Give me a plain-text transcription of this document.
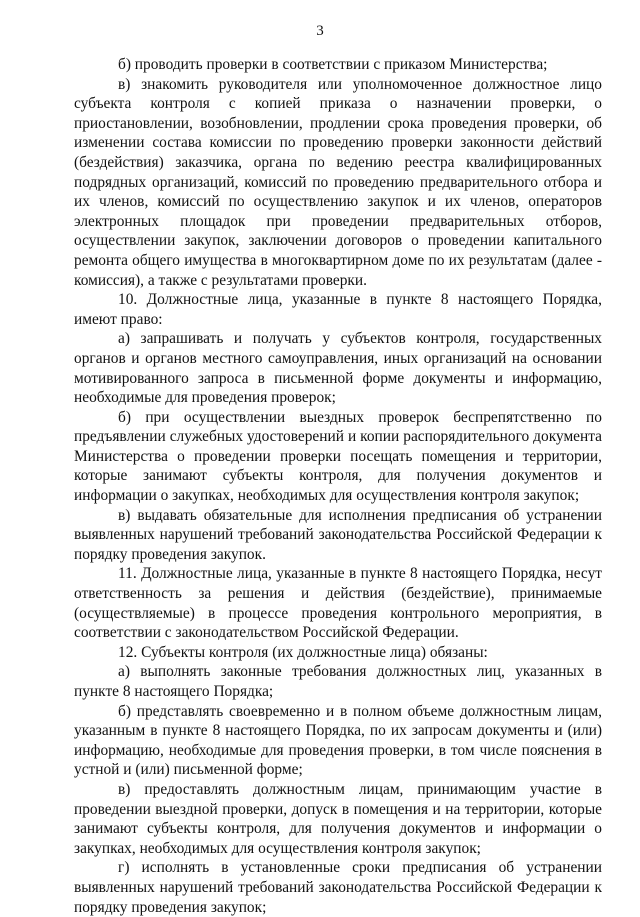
3

б) проводить проверки в соответствии с приказом Министерства;

в) знакомить руководителя или уполномоченное должностное лицо субъекта контроля с копией приказа о назначении проверки, о приостановлении, возобновлении, продлении срока проведения проверки, об изменении состава комиссии по проведению проверки законности действий (бездействия) заказчика, органа по ведению реестра квалифицированных подрядных организаций, комиссий по проведению предварительного отбора и их членов, комиссий по осуществлению закупок и их членов, операторов электронных площадок при проведении предварительных отборов, осуществлении закупок, заключении договоров о проведении капитального ремонта общего имущества в многоквартирном доме по их результатам (далее - комиссия), а также с результатами проверки.

10. Должностные лица, указанные в пункте 8 настоящего Порядка, имеют право:

а) запрашивать и получать у субъектов контроля, государственных органов и органов местного самоуправления, иных организаций на основании мотивированного запроса в письменной форме документы и информацию, необходимые для проведения проверок;

б) при осуществлении выездных проверок беспрепятственно по предъявлении служебных удостоверений и копии распорядительного документа Министерства о проведении проверки посещать помещения и территории, которые занимают субъекты контроля, для получения документов и информации о закупках, необходимых для осуществления контроля закупок;

в) выдавать обязательные для исполнения предписания об устранении выявленных нарушений требований законодательства Российской Федерации к порядку проведения закупок.

11. Должностные лица, указанные в пункте 8 настоящего Порядка, несут ответственность за решения и действия (бездействие), принимаемые (осуществляемые) в процессе проведения контрольного мероприятия, в соответствии с законодательством Российской Федерации.

12. Субъекты контроля (их должностные лица) обязаны:

а) выполнять законные требования должностных лиц, указанных в пункте 8 настоящего Порядка;

б) представлять своевременно и в полном объеме должностным лицам, указанным в пункте 8 настоящего Порядка, по их запросам документы и (или) информацию, необходимые для проведения проверки, в том числе пояснения в устной и (или) письменной форме;

в) предоставлять должностным лицам, принимающим участие в проведении выездной проверки, допуск в помещения и на территории, которые занимают субъекты контроля, для получения документов и информации о закупках, необходимых для осуществления контроля закупок;

г) исполнять в установленные сроки предписания об устранении выявленных нарушений требований законодательства Российской Федерации к порядку проведения закупок;
